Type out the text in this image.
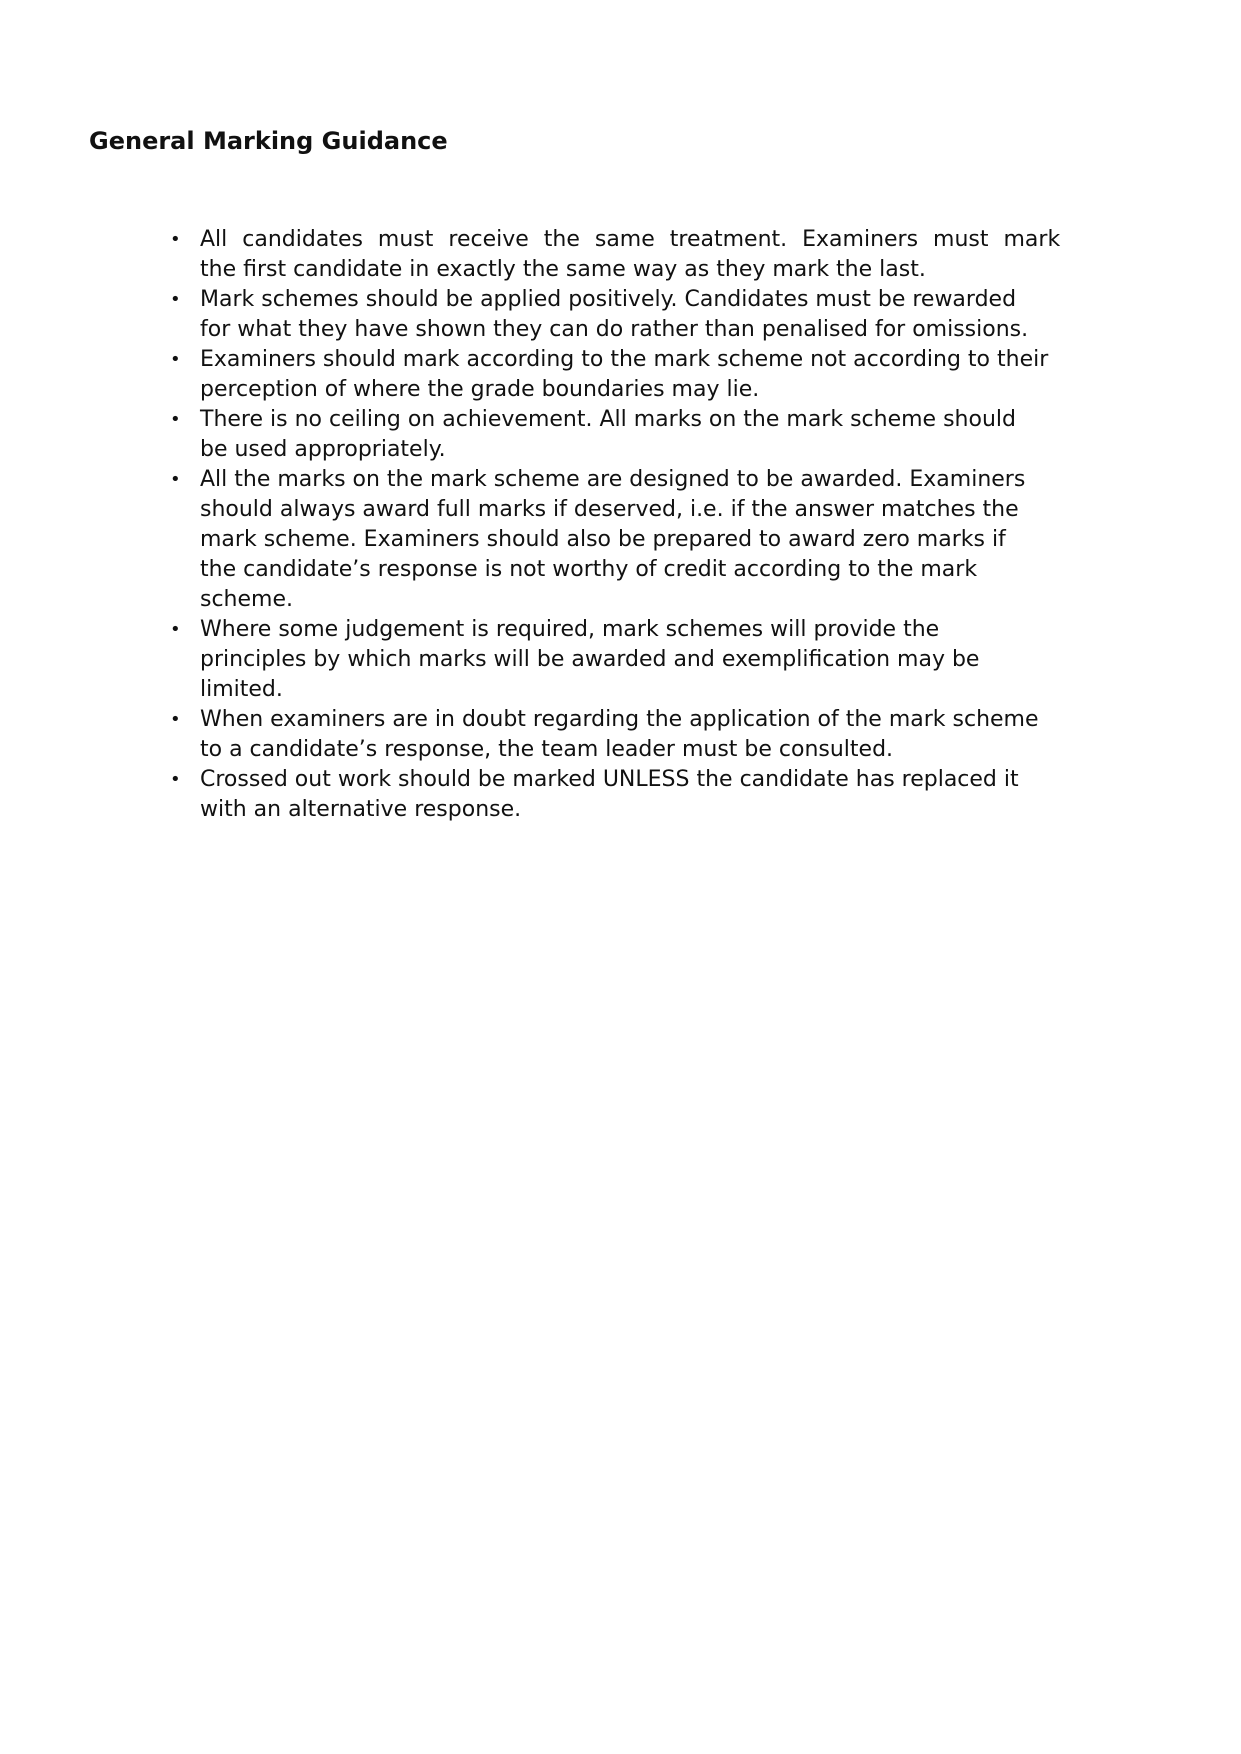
General Marking Guidance
• All candidates must receive the same treatment. Examiners must mark
the first candidate in exactly the same way as they mark the last.
• Mark schemes should be applied positively. Candidates must be rewarded
for what they have shown they can do rather than penalised for omissions.
• Examiners should mark according to the mark scheme not according to their
perception of where the grade boundaries may lie.
• There is no ceiling on achievement. All marks on the mark scheme should
be used appropriately.
• All the marks on the mark scheme are designed to be awarded. Examiners
should always award full marks if deserved, i.e. if the answer matches the
mark scheme. Examiners should also be prepared to award zero marks if
the candidate’s response is not worthy of credit according to the mark
scheme.
• Where some judgement is required, mark schemes will provide the
principles by which marks will be awarded and exemplification may be
limited.
• When examiners are in doubt regarding the application of the mark scheme
to a candidate’s response, the team leader must be consulted.
• Crossed out work should be marked UNLESS the candidate has replaced it
with an alternative response.
